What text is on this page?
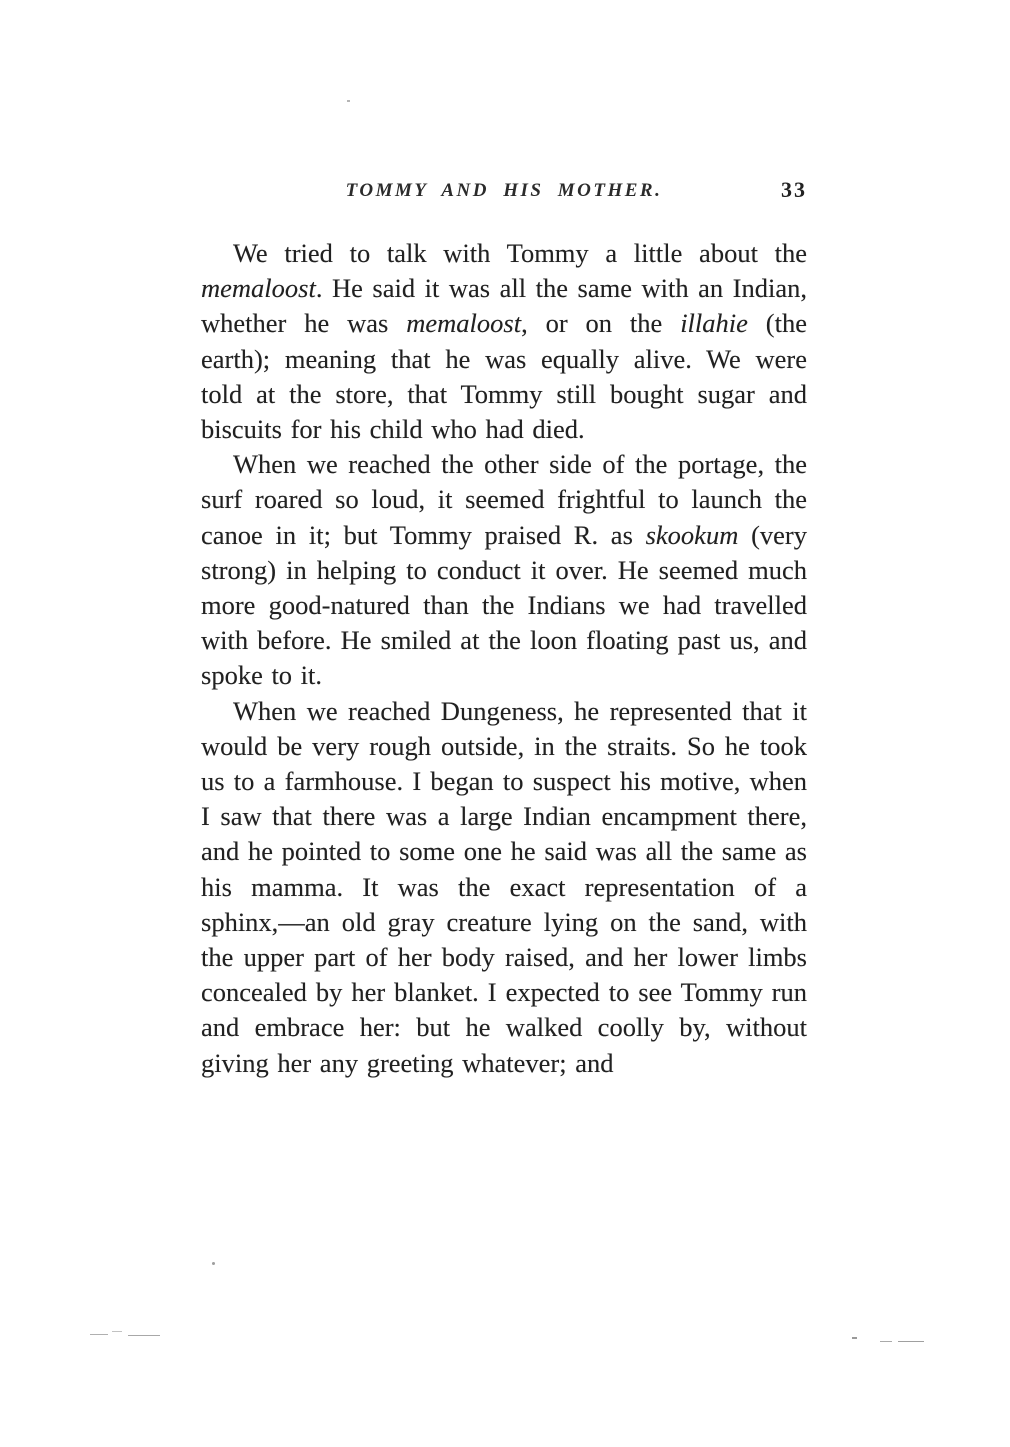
TOMMY AND HIS MOTHER.	33

We tried to talk with Tommy a little about the memaloost. He said it was all the same with an Indian, whether he was memaloost, or on the illahie (the earth); meaning that he was equally alive. We were told at the store, that Tommy still bought sugar and biscuits for his child who had died.

When we reached the other side of the portage, the surf roared so loud, it seemed frightful to launch the canoe in it; but Tommy praised R. as skookum (very strong) in helping to conduct it over. He seemed much more good-natured than the Indians we had travelled with before. He smiled at the loon floating past us, and spoke to it.

When we reached Dungeness, he represented that it would be very rough outside, in the straits. So he took us to a farmhouse. I began to suspect his motive, when I saw that there was a large Indian encampment there, and he pointed to some one he said was all the same as his mamma. It was the exact representation of a sphinx,—an old gray creature lying on the sand, with the upper part of her body raised, and her lower limbs concealed by her blanket. I expected to see Tommy run and embrace her: but he walked coolly by, without giving her any greeting whatever; and
